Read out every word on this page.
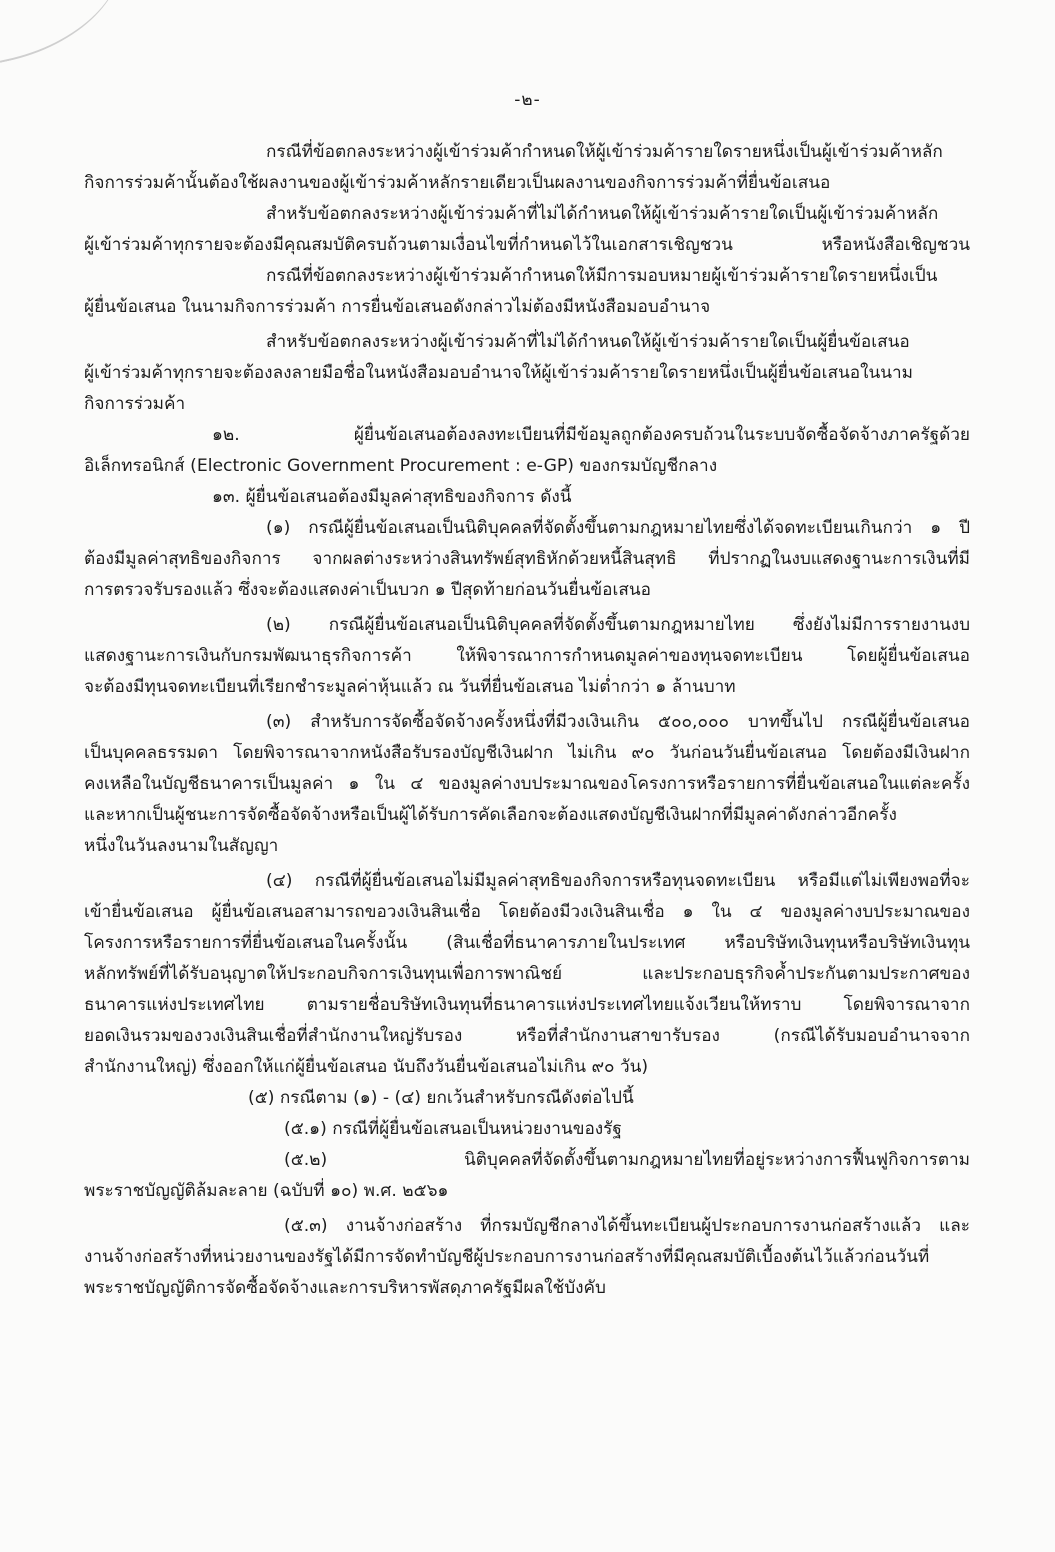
-๒-
กรณีที่ข้อตกลงระหว่างผู้เข้าร่วมค้ากำหนดให้ผู้เข้าร่วมค้ารายใดรายหนึ่งเป็นผู้เข้าร่วมค้าหลัก
กิจการร่วมค้านั้นต้องใช้ผลงานของผู้เข้าร่วมค้าหลักรายเดียวเป็นผลงานของกิจการร่วมค้าที่ยื่นข้อเสนอ
สำหรับข้อตกลงระหว่างผู้เข้าร่วมค้าที่ไม่ได้กำหนดให้ผู้เข้าร่วมค้ารายใดเป็นผู้เข้าร่วมค้าหลัก
ผู้เข้าร่วมค้าทุกรายจะต้องมีคุณสมบัติครบถ้วนตามเงื่อนไขที่กำหนดไว้ในเอกสารเชิญชวน หรือหนังสือเชิญชวน
กรณีที่ข้อตกลงระหว่างผู้เข้าร่วมค้ากำหนดให้มีการมอบหมายผู้เข้าร่วมค้ารายใดรายหนึ่งเป็น
ผู้ยื่นข้อเสนอ ในนามกิจการร่วมค้า การยื่นข้อเสนอดังกล่าวไม่ต้องมีหนังสือมอบอำนาจ
สำหรับข้อตกลงระหว่างผู้เข้าร่วมค้าที่ไม่ได้กำหนดให้ผู้เข้าร่วมค้ารายใดเป็นผู้ยื่นข้อเสนอ
ผู้เข้าร่วมค้าทุกรายจะต้องลงลายมือชื่อในหนังสือมอบอำนาจให้ผู้เข้าร่วมค้ารายใดรายหนึ่งเป็นผู้ยื่นข้อเสนอในนาม
กิจการร่วมค้า
๑๒. ผู้ยื่นข้อเสนอต้องลงทะเบียนที่มีข้อมูลถูกต้องครบถ้วนในระบบจัดซื้อจัดจ้างภาครัฐด้วย
อิเล็กทรอนิกส์ (Electronic Government Procurement : e-GP) ของกรมบัญชีกลาง
๑๓. ผู้ยื่นข้อเสนอต้องมีมูลค่าสุทธิของกิจการ ดังนี้
(๑) กรณีผู้ยื่นข้อเสนอเป็นนิติบุคคลที่จัดตั้งขึ้นตามกฎหมายไทยซึ่งได้จดทะเบียนเกินกว่า ๑ ปี
ต้องมีมูลค่าสุทธิของกิจการ จากผลต่างระหว่างสินทรัพย์สุทธิหักด้วยหนี้สินสุทธิ ที่ปรากฏในงบแสดงฐานะการเงินที่มี
การตรวจรับรองแล้ว ซึ่งจะต้องแสดงค่าเป็นบวก ๑ ปีสุดท้ายก่อนวันยื่นข้อเสนอ
(๒) กรณีผู้ยื่นข้อเสนอเป็นนิติบุคคลที่จัดตั้งขึ้นตามกฎหมายไทย ซึ่งยังไม่มีการรายงานงบ
แสดงฐานะการเงินกับกรมพัฒนาธุรกิจการค้า ให้พิจารณาการกำหนดมูลค่าของทุนจดทะเบียน โดยผู้ยื่นข้อเสนอ
จะต้องมีทุนจดทะเบียนที่เรียกชำระมูลค่าหุ้นแล้ว ณ วันที่ยื่นข้อเสนอ ไม่ต่ำกว่า ๑ ล้านบาท
(๓) สำหรับการจัดซื้อจัดจ้างครั้งหนึ่งที่มีวงเงินเกิน ๕๐๐,๐๐๐ บาทขึ้นไป กรณีผู้ยื่นข้อเสนอ
เป็นบุคคลธรรมดา โดยพิจารณาจากหนังสือรับรองบัญชีเงินฝาก ไม่เกิน ๙๐ วันก่อนวันยื่นข้อเสนอ โดยต้องมีเงินฝาก
คงเหลือในบัญชีธนาคารเป็นมูลค่า ๑ ใน ๔ ของมูลค่างบประมาณของโครงการหรือรายการที่ยื่นข้อเสนอในแต่ละครั้ง
และหากเป็นผู้ชนะการจัดซื้อจัดจ้างหรือเป็นผู้ได้รับการคัดเลือกจะต้องแสดงบัญชีเงินฝากที่มีมูลค่าดังกล่าวอีกครั้ง
หนึ่งในวันลงนามในสัญญา
(๔) กรณีที่ผู้ยื่นข้อเสนอไม่มีมูลค่าสุทธิของกิจการหรือทุนจดทะเบียน หรือมีแต่ไม่เพียงพอที่จะ
เข้ายื่นข้อเสนอ ผู้ยื่นข้อเสนอสามารถขอวงเงินสินเชื่อ โดยต้องมีวงเงินสินเชื่อ ๑ ใน ๔ ของมูลค่างบประมาณของ
โครงการหรือรายการที่ยื่นข้อเสนอในครั้งนั้น (สินเชื่อที่ธนาคารภายในประเทศ หรือบริษัทเงินทุนหรือบริษัทเงินทุน
หลักทรัพย์ที่ได้รับอนุญาตให้ประกอบกิจการเงินทุนเพื่อการพาณิชย์ และประกอบธุรกิจค้ำประกันตามประกาศของ
ธนาคารแห่งประเทศไทย ตามรายชื่อบริษัทเงินทุนที่ธนาคารแห่งประเทศไทยแจ้งเวียนให้ทราบ โดยพิจารณาจาก
ยอดเงินรวมของวงเงินสินเชื่อที่สำนักงานใหญ่รับรอง หรือที่สำนักงานสาขารับรอง (กรณีได้รับมอบอำนาจจาก
สำนักงานใหญ่) ซึ่งออกให้แก่ผู้ยื่นข้อเสนอ นับถึงวันยื่นข้อเสนอไม่เกิน ๙๐ วัน)
(๕) กรณีตาม (๑) - (๔) ยกเว้นสำหรับกรณีดังต่อไปนี้
(๕.๑) กรณีที่ผู้ยื่นข้อเสนอเป็นหน่วยงานของรัฐ
(๕.๒) นิติบุคคลที่จัดตั้งขึ้นตามกฎหมายไทยที่อยู่ระหว่างการฟื้นฟูกิจการตาม
พระราชบัญญัติล้มละลาย (ฉบับที่ ๑๐) พ.ศ. ๒๕๖๑
(๕.๓) งานจ้างก่อสร้าง ที่กรมบัญชีกลางได้ขึ้นทะเบียนผู้ประกอบการงานก่อสร้างแล้ว และ
งานจ้างก่อสร้างที่หน่วยงานของรัฐได้มีการจัดทำบัญชีผู้ประกอบการงานก่อสร้างที่มีคุณสมบัติเบื้องต้นไว้แล้วก่อนวันที่
พระราชบัญญัติการจัดซื้อจัดจ้างและการบริหารพัสดุภาครัฐมีผลใช้บังคับ
